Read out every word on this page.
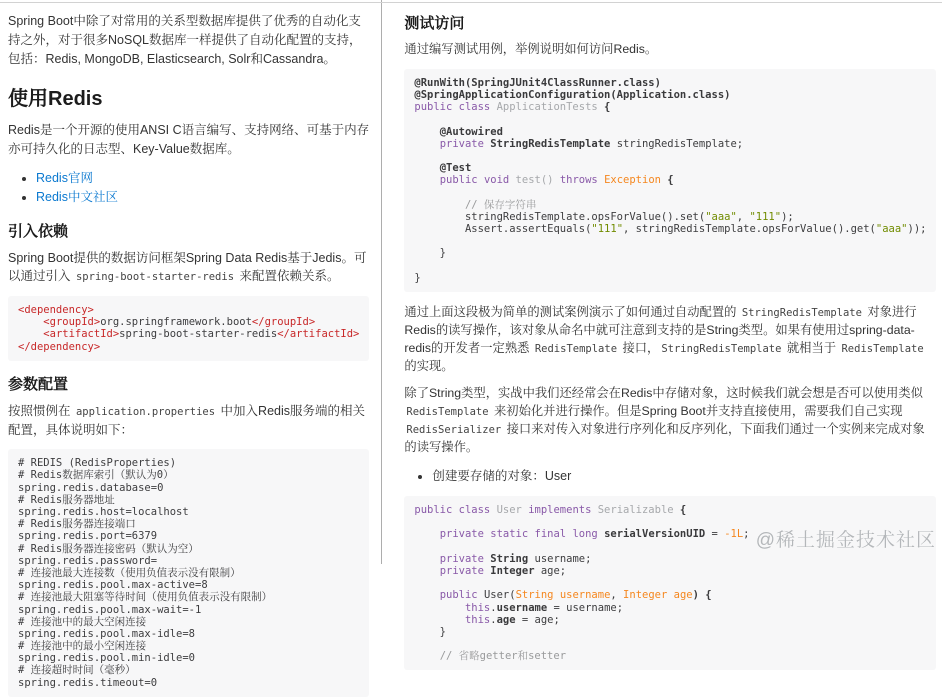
Spring Boot中除了对常用的关系型数据库提供了优秀的自动化支持之外，对于很多NoSQL数据库一样提供了自动化配置的支持，包括：Redis, MongoDB, Elasticsearch, Solr和Cassandra。

使用Redis

Redis是一个开源的使用ANSI C语言编写、支持网络、可基于内存亦可持久化的日志型、Key-Value数据库。

• Redis官网
• Redis中文社区
引入依赖

Spring Boot提供的数据访问框架Spring Data Redis基于Jedis。可以通过引入 spring-boot-starter-redis 来配置依赖关系。

<dependency>
<groupId>org.springframework.boot</groupId>
<artifactId>spring-boot-starter-redis</artifactId>
</dependency>
参数配置

按照惯例在 application.properties 中加入Redis服务端的相关配置，具体说明如下：

# REDIS (RedisProperties)
# Redis数据库索引（默认为0）
spring.redis.database=0
# Redis服务器地址
spring.redis.host=localhost
# Redis服务器连接端口
spring.redis.port=6379
# Redis服务器连接密码（默认为空）
spring.redis.password=
# 连接池最大连接数（使用负值表示没有限制）
spring.redis.pool.max-active=8
# 连接池最大阻塞等待时间（使用负值表示没有限制）
spring.redis.pool.max-wait=-1
# 连接池中的最大空闲连接
spring.redis.pool.max-idle=8
# 连接池中的最小空闲连接
spring.redis.pool.min-idle=0
# 连接超时时间（毫秒）
spring.redis.timeout=0
测试访问

通过编写测试用例，举例说明如何访问Redis。

@RunWith(SpringJUnit4ClassRunner.class)
@SpringApplicationConfiguration(Application.class)
public class ApplicationTests {

@Autowired
private StringRedisTemplate stringRedisTemplate;

@Test
public void test() throws Exception {

// 保存字符串
stringRedisTemplate.opsForValue().set("aaa", "111");
Assert.assertEquals("111", stringRedisTemplate.opsForValue().get("aaa"));

}

}

通过上面这段极为简单的测试案例演示了如何通过自动配置的 StringRedisTemplate 对象进行Redis的读写操作，该对象从命名中就可注意到支持的是String类型。如果有使用过spring-data-redis的开发者一定熟悉 RedisTemplate 接口， StringRedisTemplate 就相当于 RedisTemplate 的实现。

除了String类型，实战中我们还经常会在Redis中存储对象，这时候我们就会想是否可以使用类似 RedisTemplate 来初始化并进行操作。但是Spring Boot并支持直接使用，需要我们自己实现 RedisSerializer 接口来对传入对象进行序列化和反序列化，下面我们通过一个实例来完成对象的读写操作。

• 创建要存储的对象：User
public class User implements Serializable {

private static final long serialVersionUID = -1L;

private String username;
private Integer age;

public User(String username, Integer age) {
this.username = username;
this.age = age;
}

// 省略getter和setter
@稀土掘金技术社区
